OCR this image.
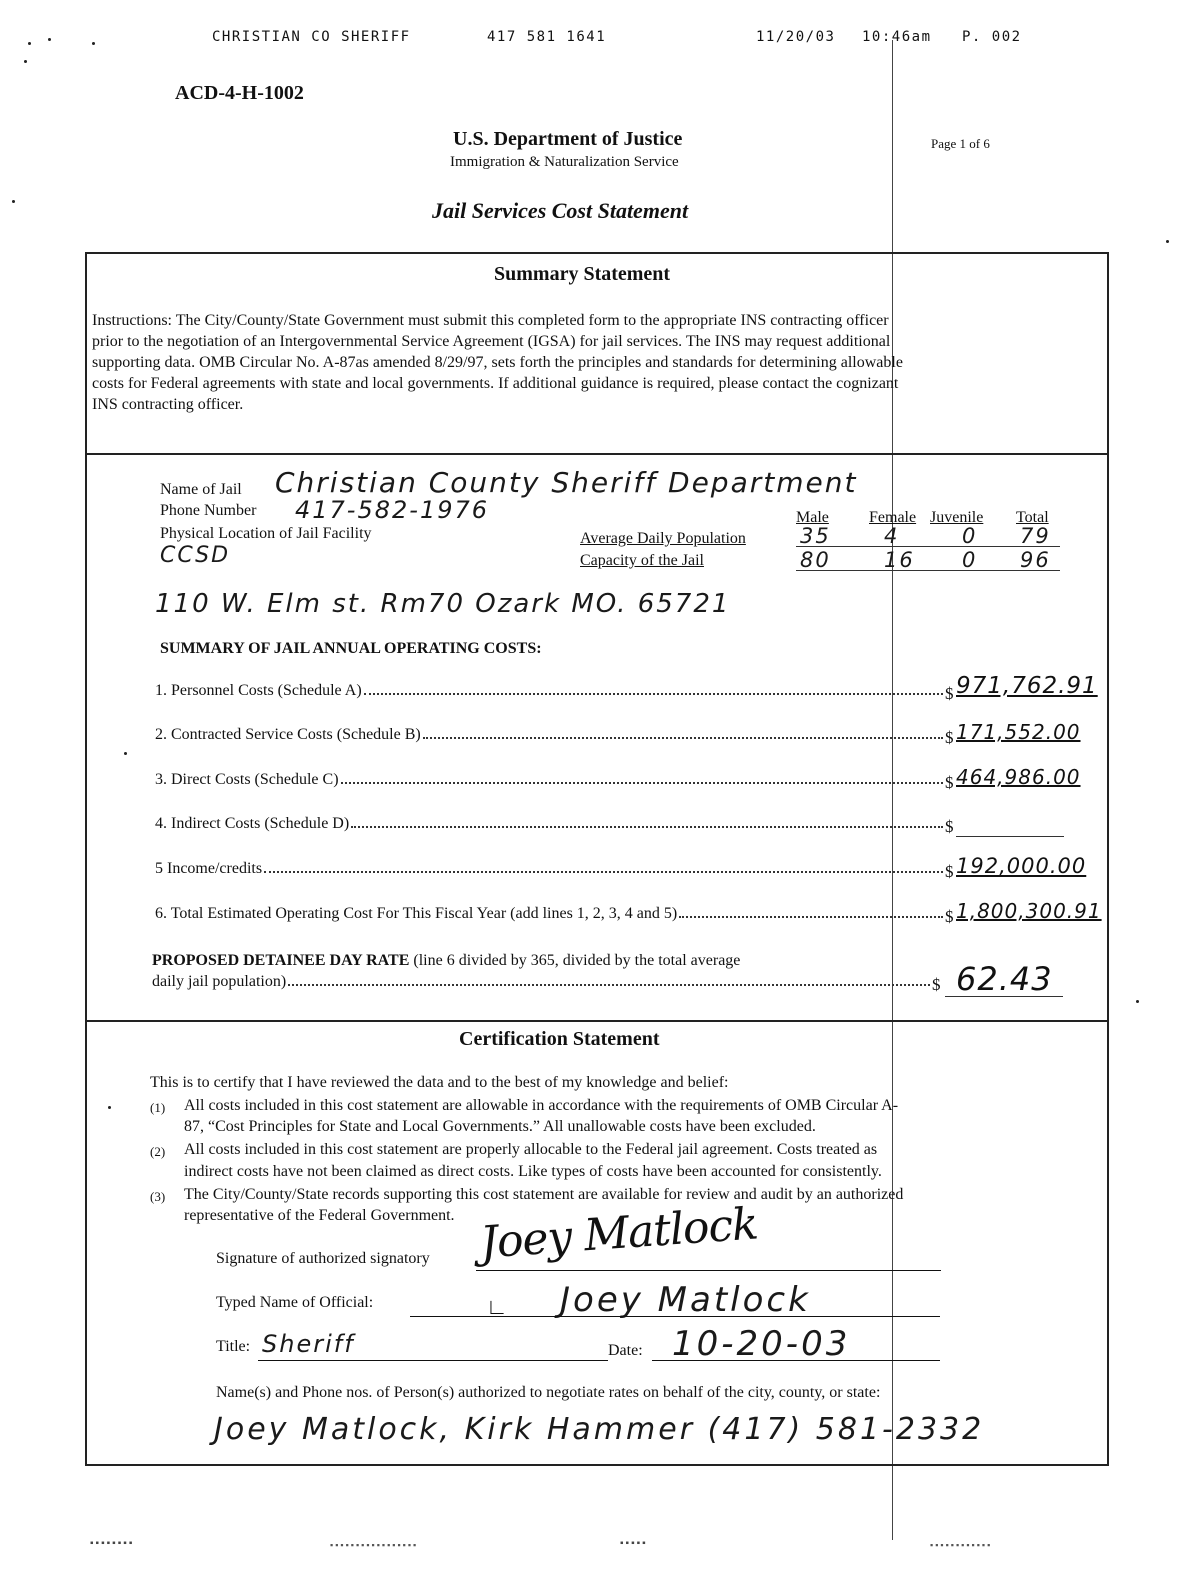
CHRISTIAN CO SHERIFF	417 581 1641	11/20/03 10:46am P. 002
ACD-4-H-1002
U.S. Department of Justice
Immigration & Naturalization Service
Page 1 of 6
Jail Services Cost Statement
Summary Statement
Instructions: The City/County/State Government must submit this completed form to the appropriate INS contracting officer
prior to the negotiation of an Intergovernmental Service Agreement (IGSA) for jail services. The INS may request additional
supporting data. OMB Circular No. A-87as amended 8/29/97, sets forth the principles and standards for determining allowable
costs for Federal agreements with state and local governments. If additional guidance is required, please contact the cognizant
INS contracting officer.
Name of Jail Christian County Sheriff Department
Phone Number 417-582-1976
Physical Location of Jail Facility
CCSD
110 W. Elm st. Rm70 Ozark MO. 65721
Male	Female Juvenile Total
Average Daily Population	35	4	0 79
Capacity of the Jail	80	16 0 96
SUMMARY OF JAIL ANNUAL OPERATING COSTS:
1. Personnel Costs (Schedule A)	$ 971,762.91
2. Contracted Service Costs (Schedule B)	$ 171,552.00
3. Direct Costs (Schedule C)	$ 464,986.00
4. Indirect Costs (Schedule D)	$
5 Income/credits	$ 192,000.00
6. Total Estimated Operating Cost For This Fiscal Year (add lines 1, 2, 3, 4 and 5)	$ 1,800,300.91
PROPOSED DETAINEE DAY RATE (line 6 divided by 365, divided by the total average
daily jail population)	$ 62.43
Certification Statement
This is to certify that I have reviewed the data and to the best of my knowledge and belief:
(1) All costs included in this cost statement are allowable in accordance with the requirements of OMB Circular A-
87, “Cost Principles for State and Local Governments.” All unallowable costs have been excluded.
(2) All costs included in this cost statement are properly allocable to the Federal jail agreement. Costs treated as
indirect costs have not been claimed as direct costs. Like types of costs have been accounted for consistently.
(3) The City/County/State records supporting this cost statement are available for review and audit by an authorized
representative of the Federal Government.
Signature of authorized signatory Joey Matlock
Typed Name of Official:	∟ Joey Matlock
Title: Sheriff	Date: 10-20-03
Name(s) and Phone nos. of Person(s) authorized to negotiate rates on behalf of the city, county, or state:
Joey Matlock, Kirk Hammer (417) 581-2332
▪▪▪▪▪▪▪▪	▪▪▪▪▪▪▪▪▪▪▪▪▪▪▪▪▪	▪▪▪▪▪	▪▪▪▪▪▪▪▪▪▪▪▪
